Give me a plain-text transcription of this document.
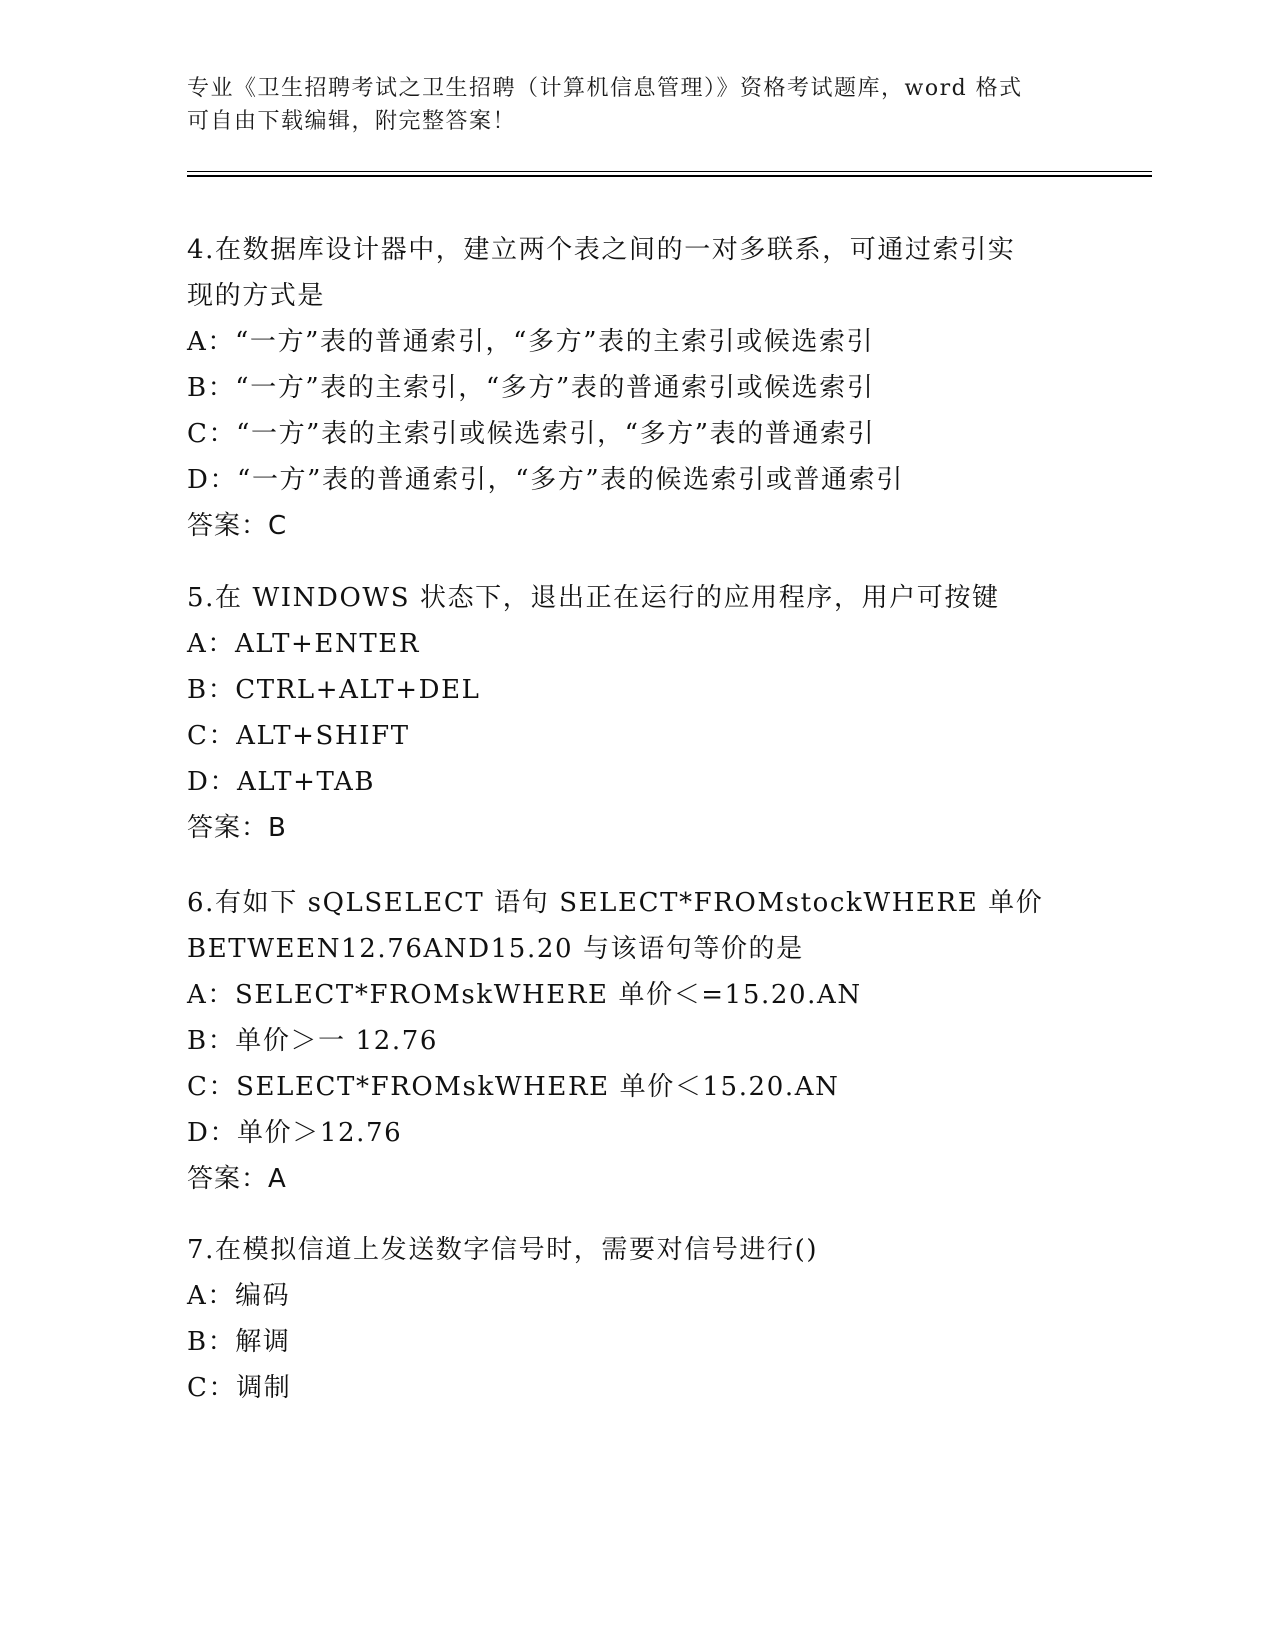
专业《卫生招聘考试之卫生招聘（计算机信息管理）》资格考试题库，word 格式

可自由下载编辑，附完整答案！

4.在数据库设计器中，建立两个表之间的一对多联系，可通过索引实

现的方式是

A：“一方”表的普通索引，“多方”表的主索引或候选索引

B：“一方”表的主索引，“多方”表的普通索引或候选索引

C：“一方”表的主索引或候选索引，“多方”表的普通索引

D：“一方”表的普通索引，“多方”表的候选索引或普通索引

答案：C

5.在 WINDOWS 状态下，退出正在运行的应用程序，用户可按键

A：ALT+ENTER

B：CTRL+ALT+DEL

C：ALT+SHIFT

D：ALT+TAB

答案：B

6.有如下 sQLSELECT 语句 SELECT*FROMstockWHERE 单价

BETWEEN12.76AND15.20 与该语句等价的是

A：SELECT*FROMskWHERE 单价＜=15.20.AN

B：单价＞一 12.76

C：SELECT*FROMskWHERE 单价＜15.20.AN

D：单价＞12.76

答案：A

7.在模拟信道上发送数字信号时，需要对信号进行()

A：编码

B：解调

C：调制
